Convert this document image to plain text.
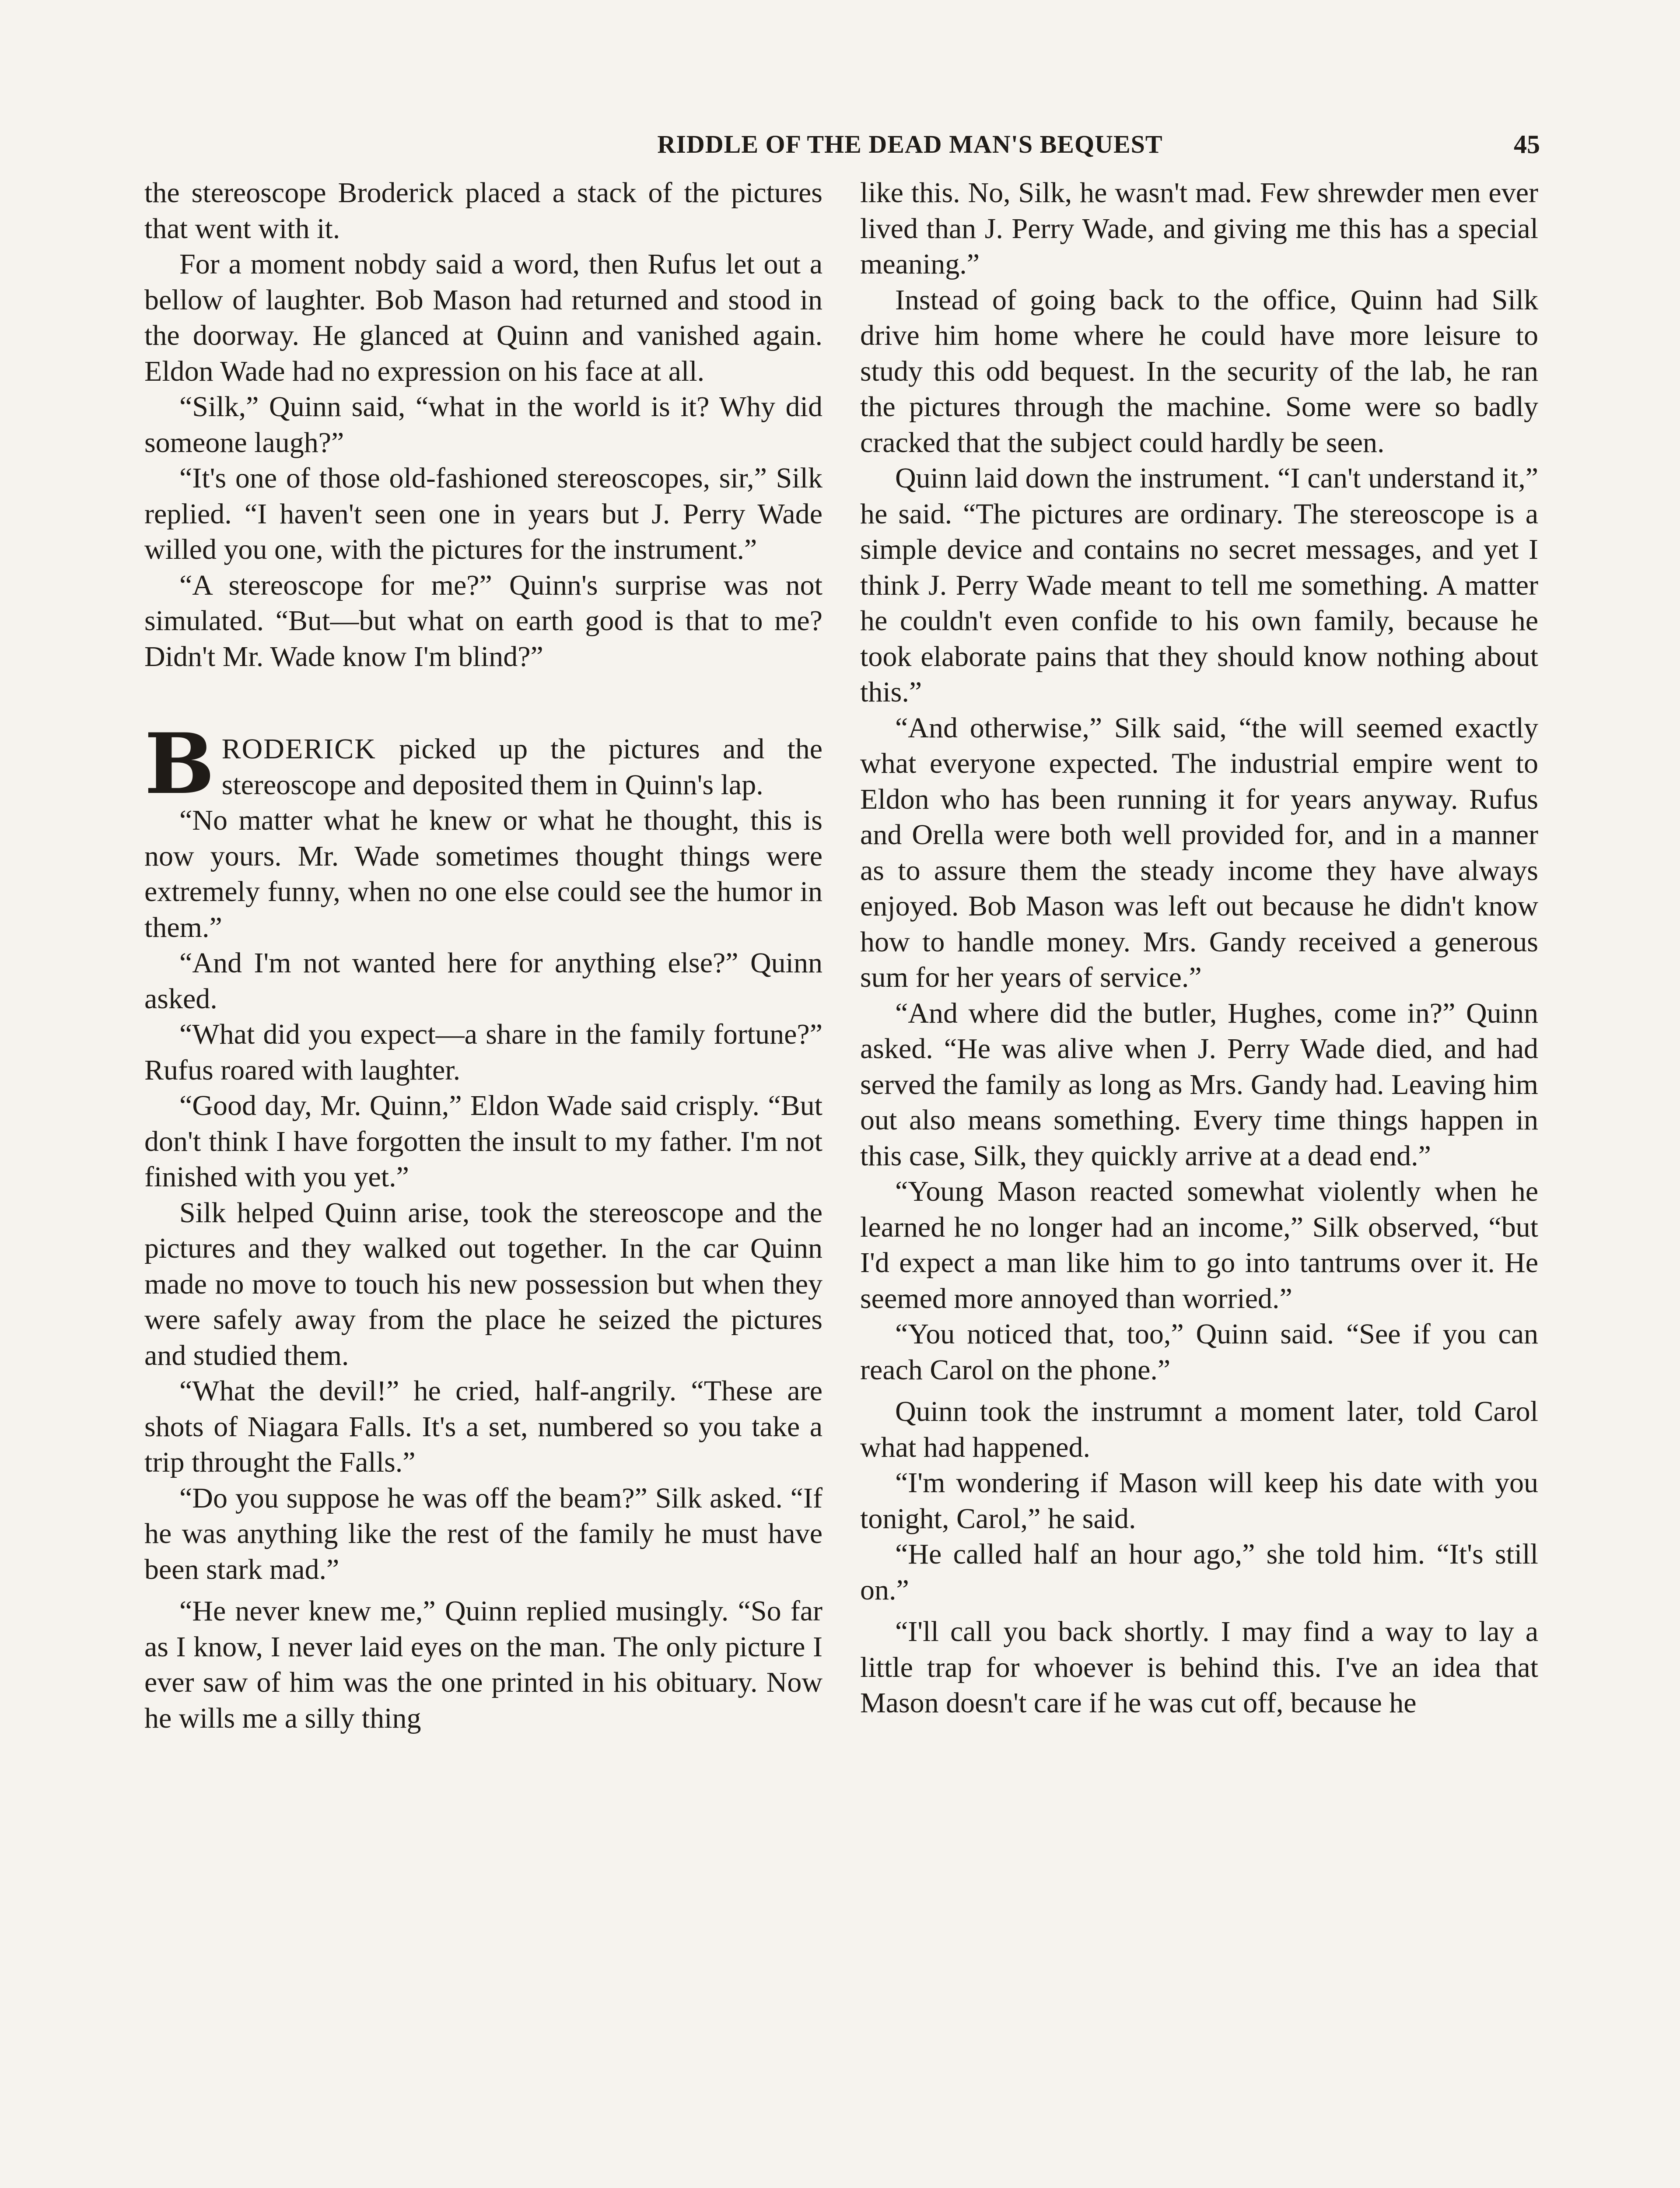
RIDDLE OF THE DEAD MAN'S BEQUEST	45

the stereoscope Broderick placed a stack of the pictures that went with it.

For a moment nobdy said a word, then Rufus let out a bellow of laughter. Bob Mason had returned and stood in the doorway. He glanced at Quinn and vanished again. Eldon Wade had no expression on his face at all.

“Silk,” Quinn said, “what in the world is it? Why did someone laugh?”

“It's one of those old-fashioned stereoscopes, sir,” Silk replied. “I haven't seen one in years but J. Perry Wade willed you one, with the pictures for the instrument.”

“A stereoscope for me?” Quinn's surprise was not simulated. “But—but what on earth good is that to me? Didn't Mr. Wade know I'm blind?”

B RODERICK picked up the pictures and the stereoscope and deposited them in Quinn's lap.

“No matter what he knew or what he thought, this is now yours. Mr. Wade sometimes thought things were extremely funny, when no one else could see the humor in them.”

“And I'm not wanted here for anything else?” Quinn asked.

“What did you expect—a share in the family fortune?” Rufus roared with laughter.

“Good day, Mr. Quinn,” Eldon Wade said crisply. “But don't think I have forgotten the insult to my father. I'm not finished with you yet.”

Silk helped Quinn arise, took the stereoscope and the pictures and they walked out together. In the car Quinn made no move to touch his new possession but when they were safely away from the place he seized the pictures and studied them.

“What the devil!” he cried, half-angrily. “These are shots of Niagara Falls. It's a set, numbered so you take a trip throught the Falls.”

“Do you suppose he was off the beam?” Silk asked. “If he was anything like the rest of the family he must have been stark mad.”

“He never knew me,” Quinn replied musingly. “So far as I know, I never laid eyes on the man. The only picture I ever saw of him was the one printed in his obituary. Now he wills me a silly thing

like this. No, Silk, he wasn't mad. Few shrewder men ever lived than J. Perry Wade, and giving me this has a special meaning.”

Instead of going back to the office, Quinn had Silk drive him home where he could have more leisure to study this odd bequest. In the security of the lab, he ran the pictures through the machine. Some were so badly cracked that the subject could hardly be seen.

Quinn laid down the instrument. “I can't understand it,” he said. “The pictures are ordinary. The stereoscope is a simple device and contains no secret messages, and yet I think J. Perry Wade meant to tell me something. A matter he couldn't even confide to his own family, because he took elaborate pains that they should know nothing about this.”

“And otherwise,” Silk said, “the will seemed exactly what everyone expected. The industrial empire went to Eldon who has been running it for years anyway. Rufus and Orella were both well provided for, and in a manner as to assure them the steady income they have always enjoyed. Bob Mason was left out because he didn't know how to handle money. Mrs. Gandy received a generous sum for her years of service.”

“And where did the butler, Hughes, come in?” Quinn asked. “He was alive when J. Perry Wade died, and had served the family as long as Mrs. Gandy had. Leaving him out also means something. Every time things happen in this case, Silk, they quickly arrive at a dead end.”

“Young Mason reacted somewhat violently when he learned he no longer had an income,” Silk observed, “but I'd expect a man like him to go into tantrums over it. He seemed more annoyed than worried.”

“You noticed that, too,” Quinn said. “See if you can reach Carol on the phone.”

Quinn took the instrumnt a moment later, told Carol what had happened.

“I'm wondering if Mason will keep his date with you tonight, Carol,” he said.

“He called half an hour ago,” she told him. “It's still on.”

“I'll call you back shortly. I may find a way to lay a little trap for whoever is behind this. I've an idea that Mason doesn't care if he was cut off, because he
